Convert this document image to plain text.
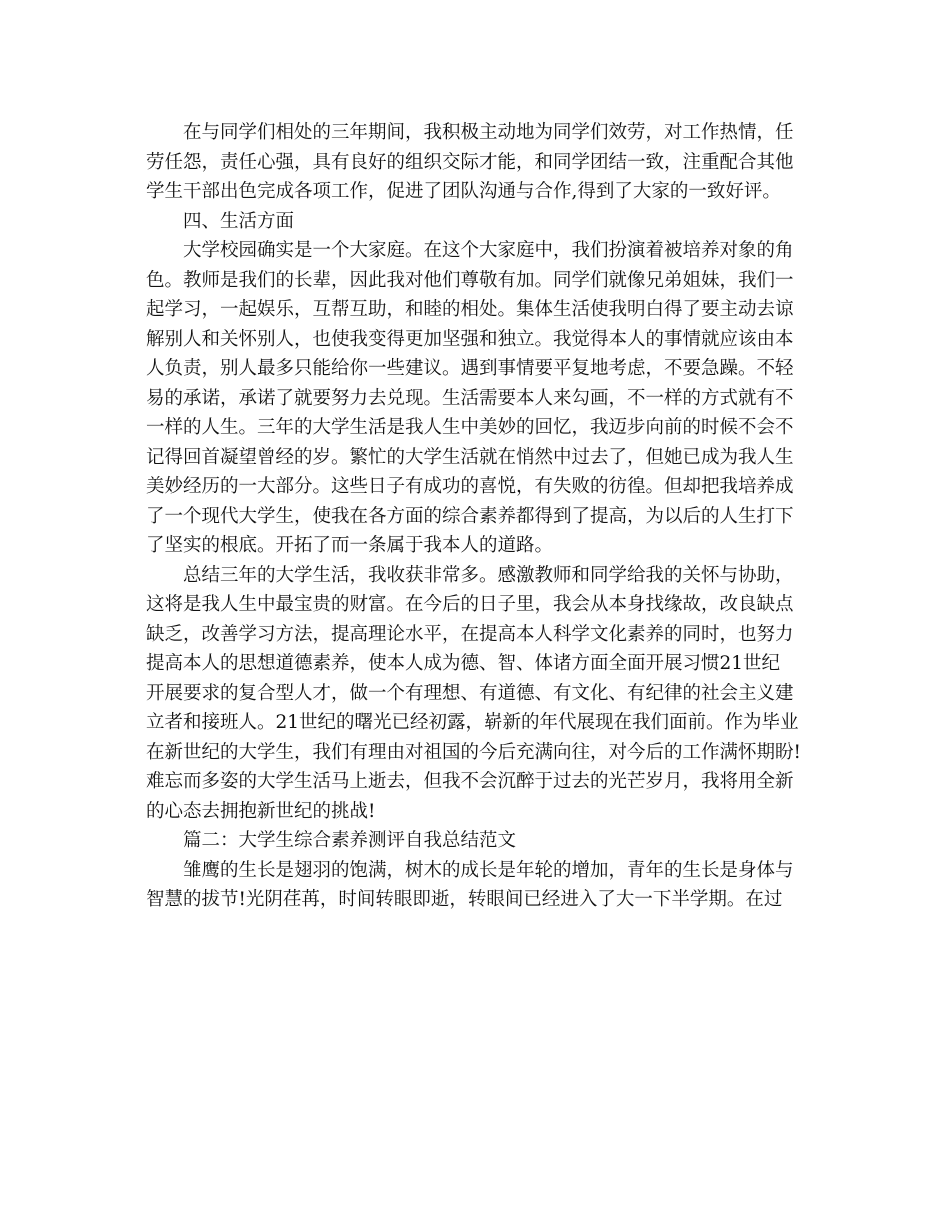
在与同学们相处的三年期间，我积极主动地为同学们效劳，对工作热情，任
劳任怨，责任心强，具有良好的组织交际才能，和同学团结一致，注重配合其他
学生干部出色完成各项工作，促进了团队沟通与合作,得到了大家的一致好评。
四、生活方面
大学校园确实是一个大家庭。在这个大家庭中，我们扮演着被培养对象的角
色。教师是我们的长辈，因此我对他们尊敬有加。同学们就像兄弟姐妹，我们一
起学习，一起娱乐，互帮互助，和睦的相处。集体生活使我明白得了要主动去谅
解别人和关怀别人，也使我变得更加坚强和独立。我觉得本人的事情就应该由本
人负责，别人最多只能给你一些建议。遇到事情要平复地考虑，不要急躁。不轻
易的承诺，承诺了就要努力去兑现。生活需要本人来勾画，不一样的方式就有不
一样的人生。三年的大学生活是我人生中美妙的回忆，我迈步向前的时候不会不
记得回首凝望曾经的岁。繁忙的大学生活就在悄然中过去了，但她已成为我人生
美妙经历的一大部分。这些日子有成功的喜悦，有失败的彷徨。但却把我培养成
了一个现代大学生，使我在各方面的综合素养都得到了提高，为以后的人生打下
了坚实的根底。开拓了而一条属于我本人的道路。
总结三年的大学生活，我收获非常多。感激教师和同学给我的关怀与协助，
这将是我人生中最宝贵的财富。在今后的日子里，我会从本身找缘故，改良缺点
缺乏，改善学习方法，提高理论水平，在提高本人科学文化素养的同时，也努力
提高本人的思想道德素养，使本人成为德、智、体诸方面全面开展习惯21世纪
开展要求的复合型人才，做一个有理想、有道德、有文化、有纪律的社会主义建
立者和接班人。21世纪的曙光已经初露，崭新的年代展现在我们面前。作为毕业
在新世纪的大学生，我们有理由对祖国的今后充满向往，对今后的工作满怀期盼!
难忘而多姿的大学生活马上逝去，但我不会沉醉于过去的光芒岁月，我将用全新
的心态去拥抱新世纪的挑战!
篇二：大学生综合素养测评自我总结范文
雏鹰的生长是翅羽的饱满，树木的成长是年轮的增加，青年的生长是身体与
智慧的拔节!光阴荏苒，时间转眼即逝，转眼间已经进入了大一下半学期。在过
